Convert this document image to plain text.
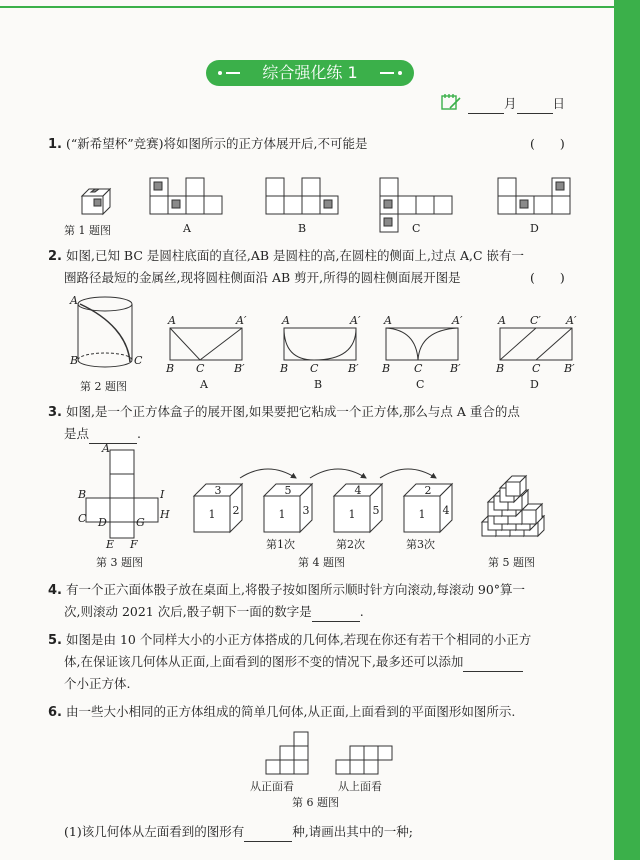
综合强化练 1
月	日
1. (“新希望杯”竞赛)将如图所示的正方体展开后,不可能是	(　　)
第 1 题图	A	B	C	D
2. 如图,已知 BC 是圆柱底面的直径,AB 是圆柱的高,在圆柱的侧面上,过点 A,C 嵌有一
圈路径最短的金属丝,现将圆柱侧面沿 AB 剪开,所得的圆柱侧面展开图是	(　　)
A
B	C
A	A′
B C	B′
A	A′
B C	B′
A	A′
B C	B′
A C′ A′
B	C B′
第 2 题图	A	B	C	D
3. 如图,是一个正方体盒子的展开图,如果要把它粘成一个正方体,那么与点 A 重合的点
是点	.
A
B	I
C D	G
H
E F
第 3 题图
3
1 2
5
1 3
4
1 5
2
1 4
第1次	第2次	第3次
第 4 题图	第 5 题图
4. 有一个正六面体骰子放在桌面上,将骰子按如图所示顺时针方向滚动,每滚动 90°算一
次,则滚动 2021 次后,骰子朝下一面的数字是	.
5. 如图是由 10 个同样大小的小正方体搭成的几何体,若现在你还有若干个相同的小正方
体,在保证该几何体从正面,上面看到的图形不变的情况下,最多还可以添加
个小正方体.
6. 由一些大小相同的正方体组成的简单几何体,从正面,上面看到的平面图形如图所示.
从正面看	从上面看
第 6 题图
(1)该几何体从左面看到的图形有	种,请画出其中的一种;
